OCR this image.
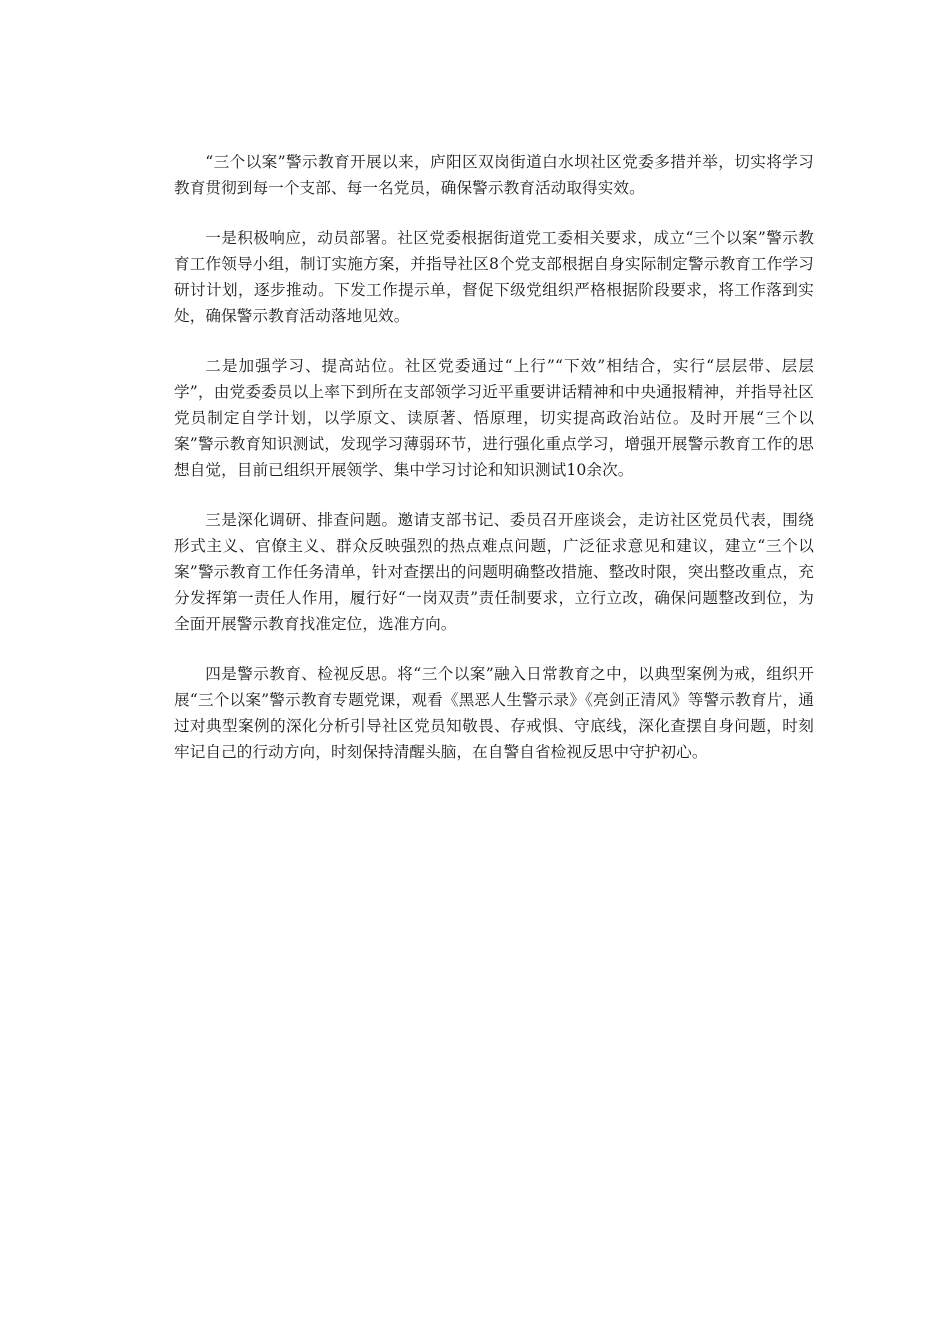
“三个以案”警示教育开展以来，庐阳区双岗街道白水坝社区党委多措并举，切实将学习教育贯彻到每一个支部、每一名党员，确保警示教育活动取得实效。

一是积极响应，动员部署。社区党委根据街道党工委相关要求，成立“三个以案”警示教育工作领导小组，制订实施方案，并指导社区8个党支部根据自身实际制定警示教育工作学习研讨计划，逐步推动。下发工作提示单，督促下级党组织严格根据阶段要求，将工作落到实处，确保警示教育活动落地见效。

二是加强学习、提高站位。社区党委通过“上行”“下效”相结合，实行“层层带、层层学”，由党委委员以上率下到所在支部领学习近平重要讲话精神和中央通报精神，并指导社区党员制定自学计划，以学原文、读原著、悟原理，切实提高政治站位。及时开展“三个以案”警示教育知识测试，发现学习薄弱环节，进行强化重点学习，增强开展警示教育工作的思想自觉，目前已组织开展领学、集中学习讨论和知识测试10余次。

三是深化调研、排查问题。邀请支部书记、委员召开座谈会，走访社区党员代表，围绕形式主义、官僚主义、群众反映强烈的热点难点问题，广泛征求意见和建议，建立“三个以案”警示教育工作任务清单，针对查摆出的问题明确整改措施、整改时限，突出整改重点，充分发挥第一责任人作用，履行好“一岗双责”责任制要求，立行立改，确保问题整改到位，为全面开展警示教育找准定位，选准方向。

四是警示教育、检视反思。将“三个以案”融入日常教育之中，以典型案例为戒，组织开展“三个以案”警示教育专题党课，观看《黑恶人生警示录》《亮剑正清风》等警示教育片，通过对典型案例的深化分析引导社区党员知敬畏、存戒惧、守底线，深化查摆自身问题，时刻牢记自己的行动方向，时刻保持清醒头脑，在自警自省检视反思中守护初心。
